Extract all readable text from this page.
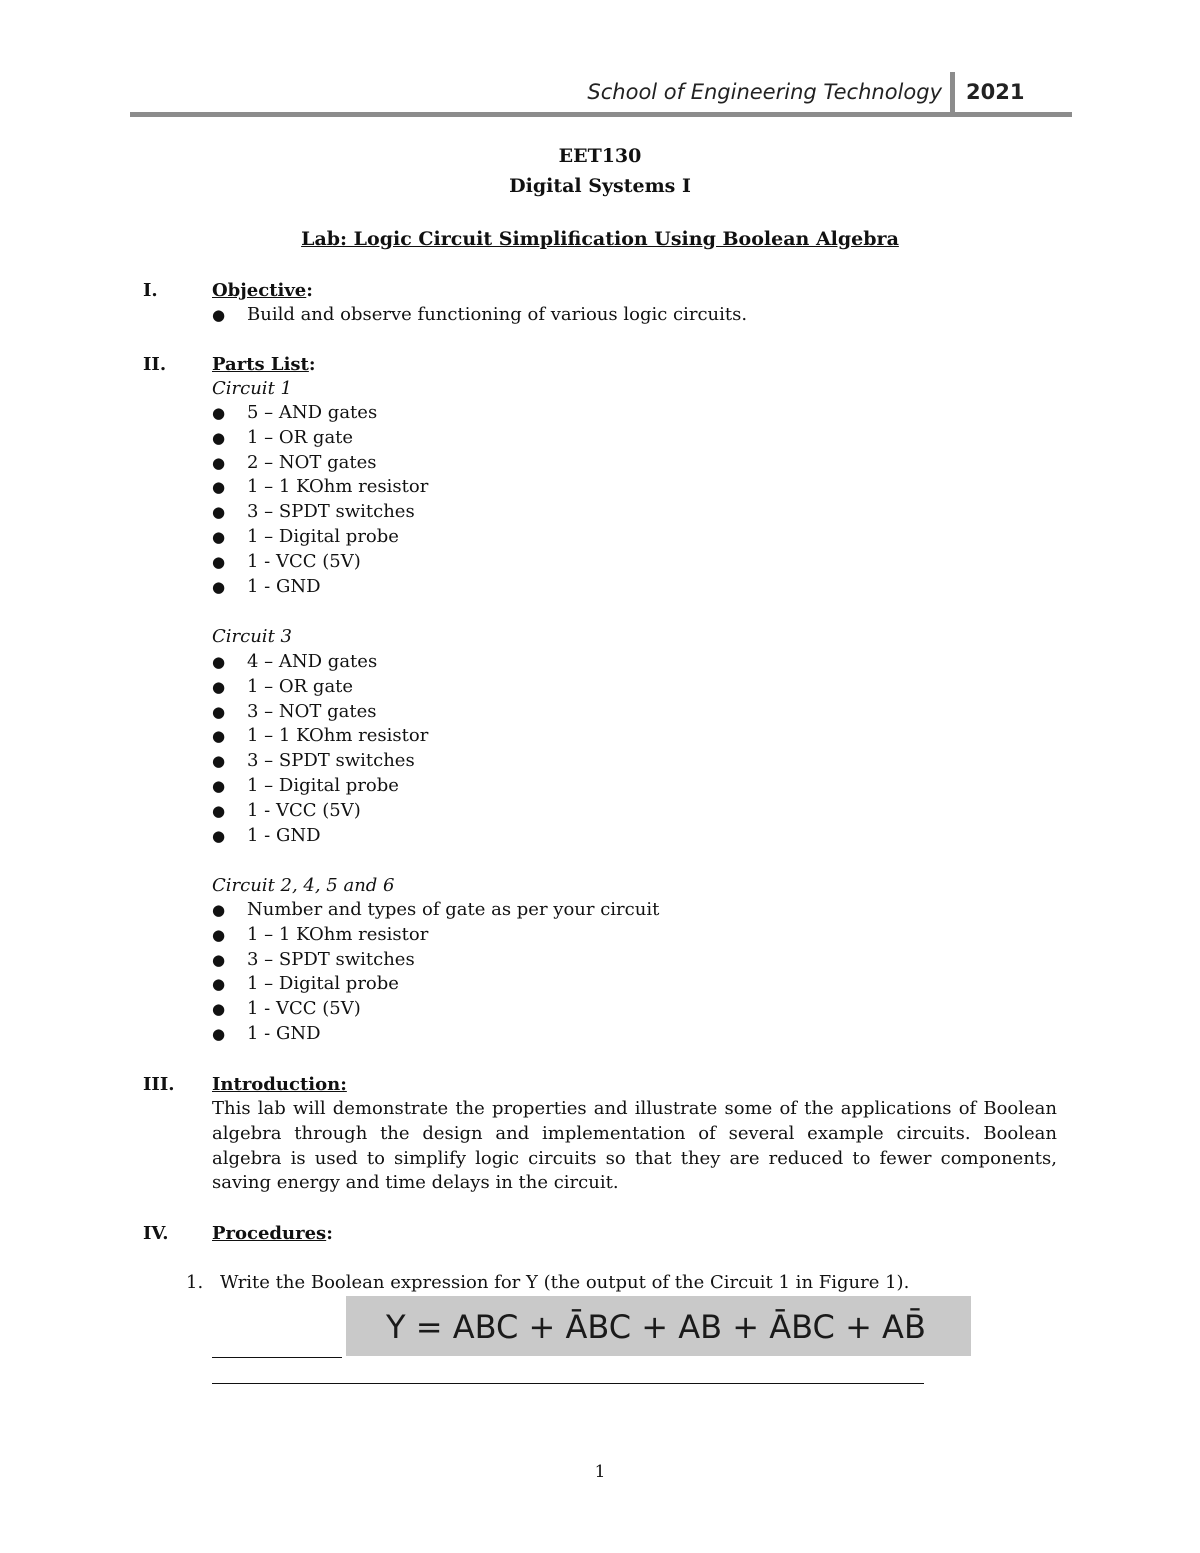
School of Engineering Technology 2021
EET130
Digital Systems I
Lab: Logic Circuit Simplification Using Boolean Algebra
I.	Objective:
● Build and observe functioning of various logic circuits.
II.	Parts List:
Circuit 1
● 5 – AND gates
● 1 – OR gate
● 2 – NOT gates
● 1 – 1 KOhm resistor
● 3 – SPDT switches
● 1 – Digital probe
● 1 - VCC (5V)
● 1 - GND
Circuit 3
● 4 – AND gates
● 1 – OR gate
● 3 – NOT gates
● 1 – 1 KOhm resistor
● 3 – SPDT switches
● 1 – Digital probe
● 1 - VCC (5V)
● 1 - GND
Circuit 2, 4, 5 and 6
● Number and types of gate as per your circuit
● 1 – 1 KOhm resistor
● 3 – SPDT switches
● 1 – Digital probe
● 1 - VCC (5V)
● 1 - GND
III. Introduction:
This lab will demonstrate the properties and illustrate some of the applications of Boolean algebra through the design and implementation of several example circuits. Boolean algebra is used to simplify logic circuits so that they are reduced to fewer components, saving energy and time delays in the circuit.
IV. Procedures:
1. Write the Boolean expression for Y (the output of the Circuit 1 in Figure 1).
Y = ABC + ĀBC + AB + ĀBC + AB̄
1
